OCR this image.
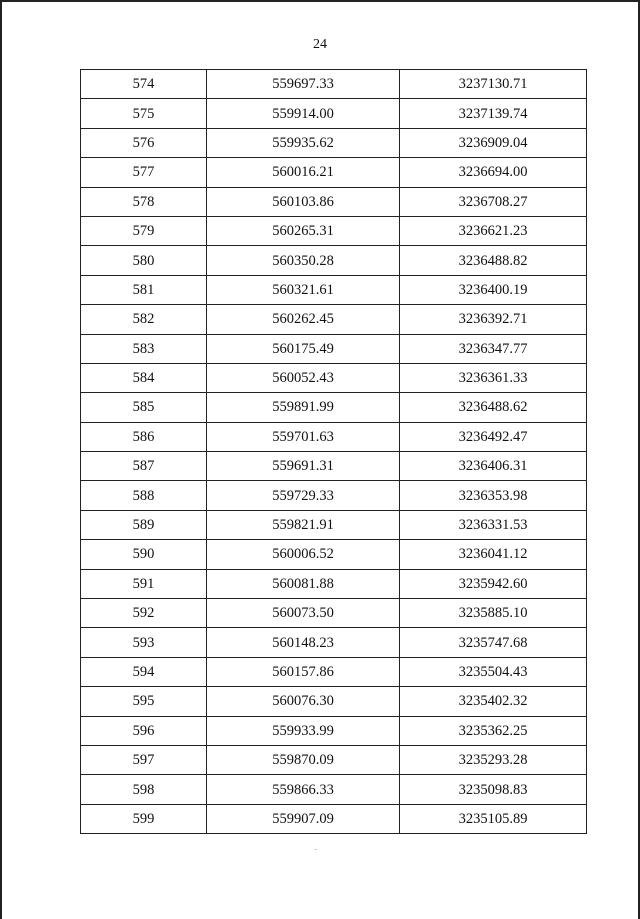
24
574	559697.33	3237130.71
575	559914.00	3237139.74
576	559935.62	3236909.04
577	560016.21	3236694.00
578	560103.86	3236708.27
579	560265.31	3236621.23
580	560350.28	3236488.82
581	560321.61	3236400.19
582	560262.45	3236392.71
583	560175.49	3236347.77
584	560052.43	3236361.33
585	559891.99	3236488.62
586	559701.63	3236492.47
587	559691.31	3236406.31
588	559729.33	3236353.98
589	559821.91	3236331.53
590	560006.52	3236041.12
591	560081.88	3235942.60
592	560073.50	3235885.10
593	560148.23	3235747.68
594	560157.86	3235504.43
595	560076.30	3235402.32
596	559933.99	3235362.25
597	559870.09	3235293.28
598	559866.33	3235098.83
599	559907.09	3235105.89
